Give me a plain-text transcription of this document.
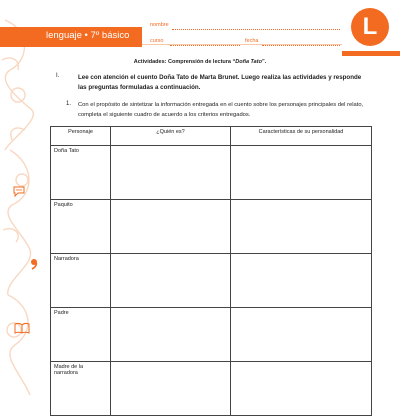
lenguaje • 7º básico
nombre
curso	fecha
L
Actividades: Comprensión de lectura “Doña Tato”.
I.	Lee con atención el cuento Doña Tato de Marta Brunet. Luego realiza las actividades y responde las preguntas formuladas a continuación.
1. Con el propósito de sintetizar la información entregada en el cuento sobre los personajes principales del relato, completa el siguiente cuadro de acuerdo a los criterios entregados.
Personaje	¿Quién es?	Características de su personalidad
Doña Tato		
Paquito		
Narradora		
Padre		
Madre de la narradora		
